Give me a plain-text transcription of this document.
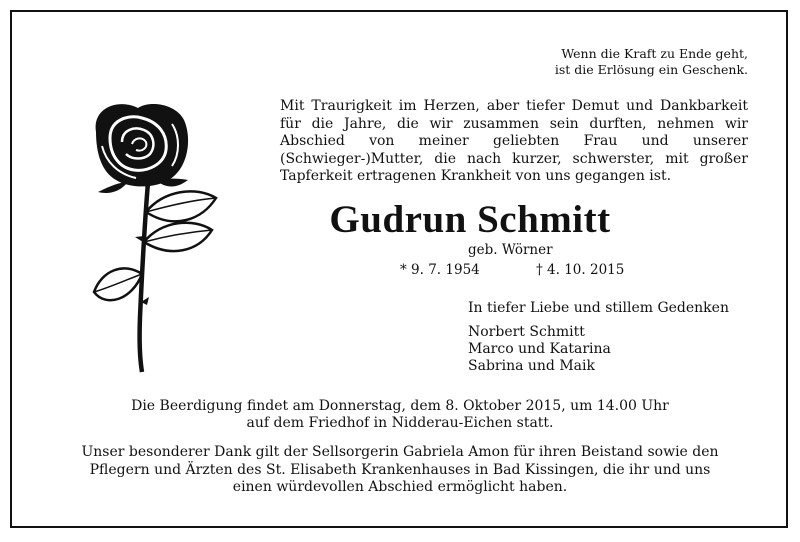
Wenn die Kraft zu Ende geht,
ist die Erlösung ein Geschenk.
Mit Traurigkeit im Herzen, aber tiefer Demut und Dankbarkeit für die Jahre, die wir zusammen sein durften, nehmen wir Abschied von meiner geliebten Frau und unserer (Schwieger-)Mutter, die nach kurzer, schwerster, mit großer Tapferkeit ertragenen Krankheit von uns gegangen ist.
Gudrun Schmitt
geb. Wörner
* 9. 7. 1954	† 4. 10. 2015
In tiefer Liebe und stillem Gedenken
Norbert Schmitt
Marco und Katarina
Sabrina und Maik
Die Beerdigung findet am Donnerstag, dem 8. Oktober 2015, um 14.00 Uhr
auf dem Friedhof in Nidderau-Eichen statt.
Unser besonderer Dank gilt der Sellsorgerin Gabriela Amon für ihren Beistand sowie den
Pflegern und Ärzten des St. Elisabeth Krankenhauses in Bad Kissingen, die ihr und uns
einen würdevollen Abschied ermöglicht haben.
